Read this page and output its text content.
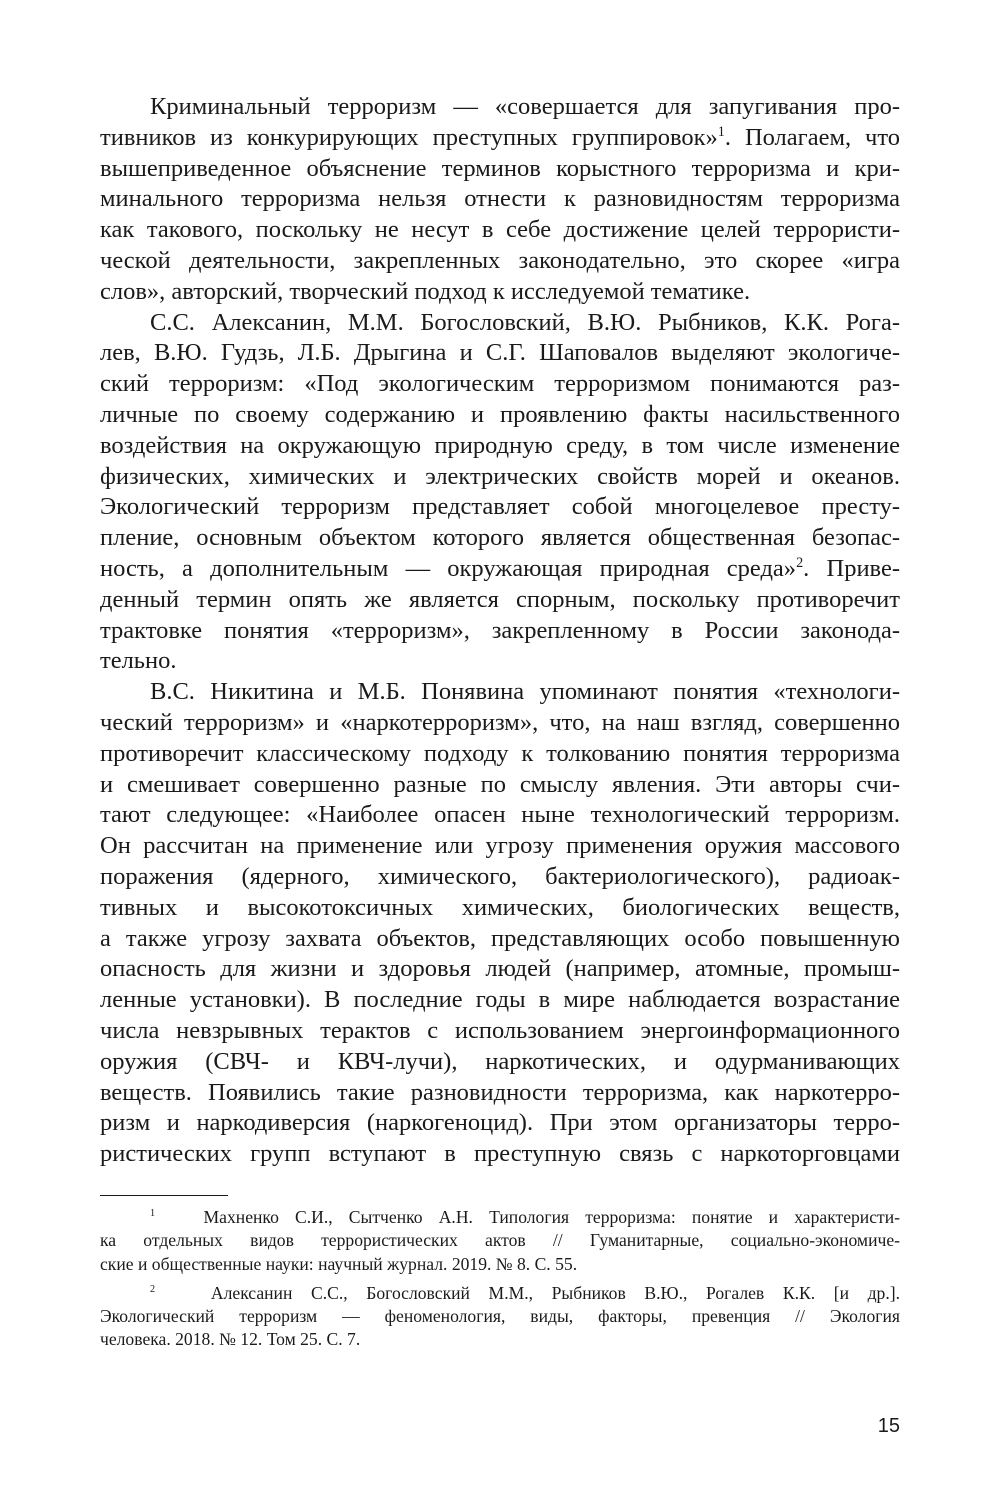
Криминальный терроризм — «совершается для запугивания про-
тивников из конкурирующих преступных группировок»$^1$. Полагаем, что
вышеприведенное объяснение терминов корыстного терроризма и кри-
минального терроризма нельзя отнести к разновидностям терроризма
как такового, поскольку не несут в себе достижение целей террористи-
ческой деятельности, закрепленных законодательно, это скорее «игра
слов», авторский, творческий подход к исследуемой тематике.
С.С. Алексанин, М.М. Богословский, В.Ю. Рыбников, К.К. Рога-
лев, В.Ю. Гудзь, Л.Б. Дрыгина и С.Г. Шаповалов выделяют экологиче-
ский терроризм: «Под экологическим терроризмом понимаются раз-
личные по своему содержанию и проявлению факты насильственного
воздействия на окружающую природную среду, в том числе изменение
физических, химических и электрических свойств морей и океанов.
Экологический терроризм представляет собой многоцелевое престу-
пление, основным объектом которого является общественная безопас-
ность, а дополнительным — окружающая природная среда»$^2$. Приве-
денный термин опять же является спорным, поскольку противоречит
трактовке понятия «терроризм», закрепленному в России законода-
тельно.
В.С. Никитина и М.Б. Понявина упоминают понятия «технологи-
ческий терроризм» и «наркотерроризм», что, на наш взгляд, совершенно
противоречит классическому подходу к толкованию понятия терроризма
и смешивает совершенно разные по смыслу явления. Эти авторы счи-
тают следующее: «Наиболее опасен ныне технологический терроризм.
Он рассчитан на применение или угрозу применения оружия массового
поражения (ядерного, химического, бактериологического), радиоак-
тивных и высокотоксичных химических, биологических веществ,
а также угрозу захвата объектов, представляющих особо повышенную
опасность для жизни и здоровья людей (например, атомные, промыш-
ленные установки). В последние годы в мире наблюдается возрастание
числа невзрывных терактов с использованием энергоинформационного
оружия (СВЧ- и КВЧ-лучи), наркотических, и одурманивающих
веществ. Появились такие разновидности терроризма, как наркотерро-
ризм и наркодиверсия (наркогеноцид). При этом организаторы терро-
ристических групп вступают в преступную связь с наркоторговцами
$^1$	Махненко С.И., Сытченко А.Н. Типология терроризма: понятие и характеристи-
ка отдельных видов террористических актов // Гуманитарные, социально-экономиче-
ские и общественные науки: научный журнал. 2019. № 8. С. 55.
$^2$	Алексанин С.С., Богословский М.М., Рыбников В.Ю., Рогалев К.К. [и др.].
Экологический терроризм — феноменология, виды, факторы, превенция // Экология
человека. 2018. № 12. Том 25. С. 7.
15
